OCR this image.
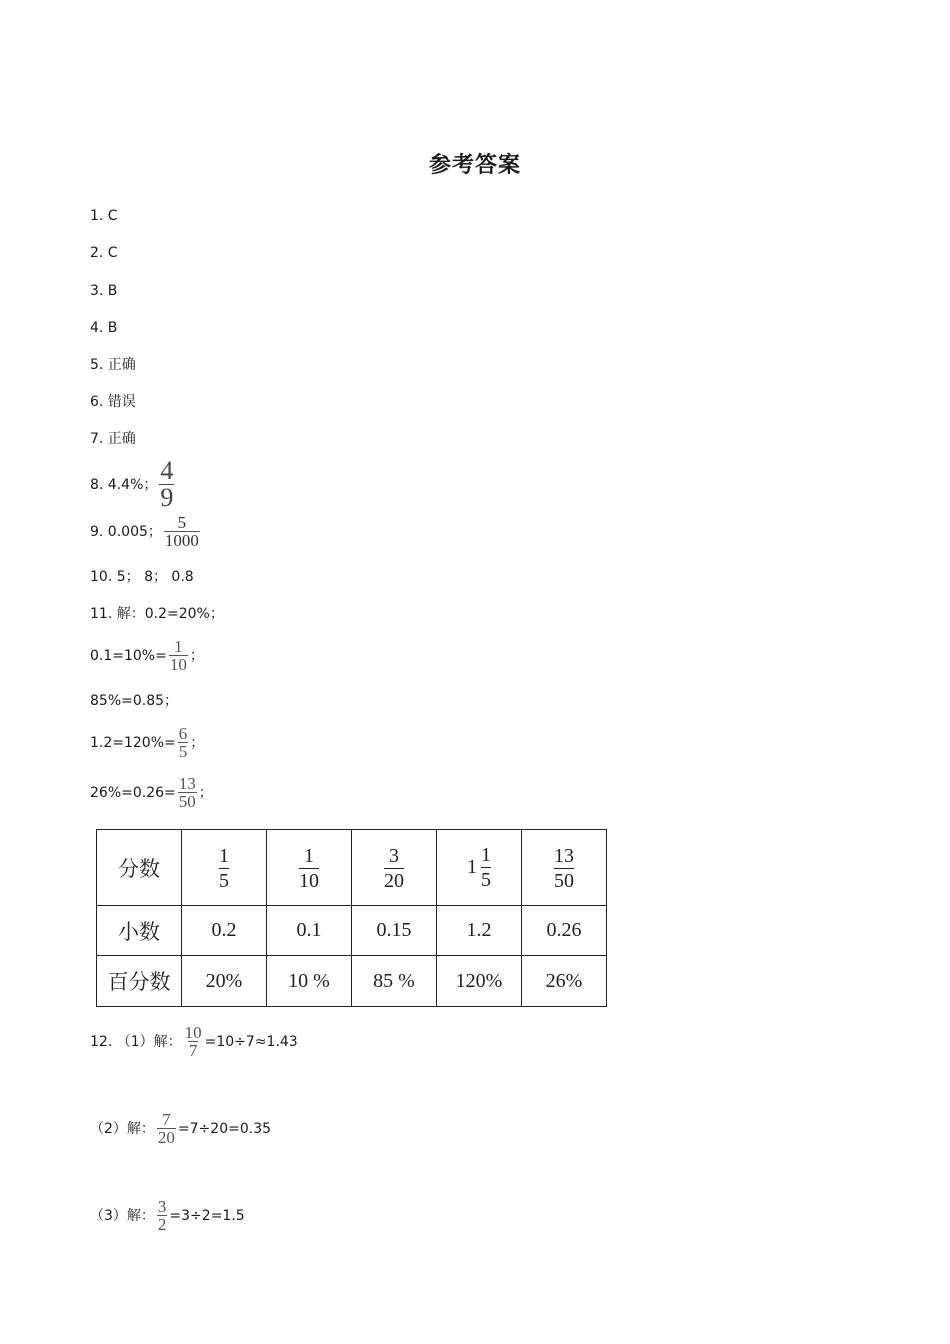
参考答案
1. C
2. C
3. B
4. B
5. 正确
6. 错误
7. 正确
8. 4.4%； $\frac{4}{9}$
9. 0.005； $\frac{5}{1000}$
10. 5； 8； 0.8
11. 解：0.2=20%；
$0.1=10\%= \frac{1}{10}$ ；
85%=0.85；
$1.2=120\%= \frac{6}{5}$ ；
$26\%=0.26= \frac{13}{50}$ ；
分数	$\frac{1}{5}$	$\frac{1}{10}$	$\frac{3}{20}$	$1 \frac{1}{5}$	$\frac{13}{50}$

小数	0.2	0.1	0.15	1.2	0.26
百分数	20%	10 %	85 %	120%	26%
12. （1）解： $\frac{10}{7} =10\div 7\approx 1.43$
（2）解： $\frac{7}{20} =7\div 20=0.35$
（3）解： $\frac{3}{2} =3\div 2=1.5$
